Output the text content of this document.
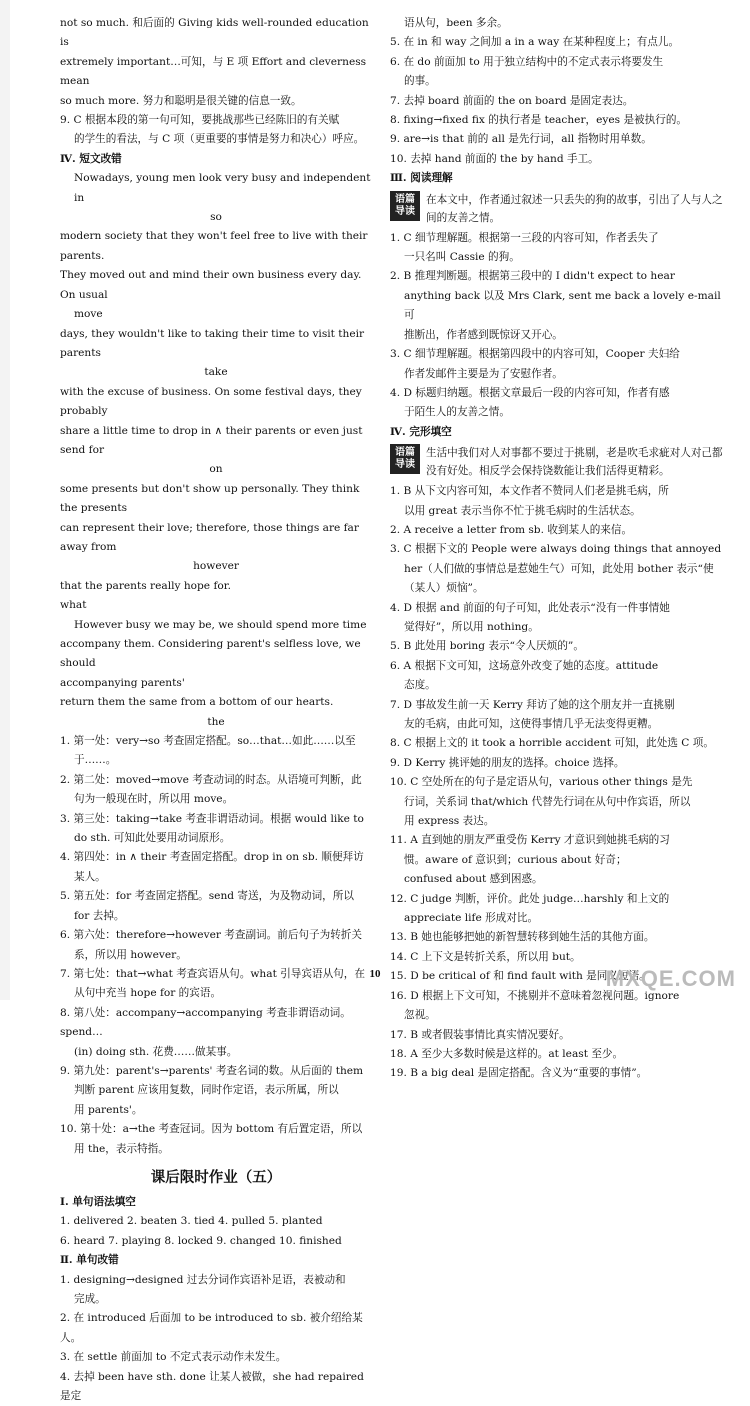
not so much. 和后面的 Giving kids well-rounded education is

extremely important…可知，与 E 项 Effort and cleverness mean

so much more. 努力和聪明是很关键的信息一致。

9. C 根据本段的第一句可知，要挑战那些已经陈旧的有关赋

的学生的看法，与 C 项（更重要的事情是努力和决心）呼应。

Ⅳ. 短文改错

Nowadays, young men look very busy and independent in

so

modern society that they won't feel free to live with their parents.

They moved out and mind their own business every day. On usual

move

days, they wouldn't like to taking their time to visit their parents

take

with the excuse of business. On some festival days, they probably

share a little time to drop in ∧ their parents or even just send for

on

some presents but don't show up personally. They think the presents

can represent their love; therefore, those things are far away from

however

that the parents really hope for.

what

However busy we may be, we should spend more time

accompany them. Considering parent's selfless love, we should

accompanying parents'

return them the same from a bottom of our hearts.

the

1. 第一处：very→so 考查固定搭配。so…that…如此……以至

于……。

2. 第二处：moved→move 考查动词的时态。从语境可判断，此

句为一般现在时，所以用 move。

3. 第三处：taking→take 考查非谓语动词。根据 would like to

do sth. 可知此处要用动词原形。

4. 第四处：in ∧ their 考查固定搭配。drop in on sb. 顺便拜访

某人。

5. 第五处：for 考查固定搭配。send 寄送，为及物动词，所以

for 去掉。

6. 第六处：therefore→however 考查副词。前后句子为转折关

系，所以用 however。

7. 第七处：that→what 考查宾语从句。what 引导宾语从句，在

从句中充当 hope for 的宾语。

8. 第八处：accompany→accompanying 考查非谓语动词。spend…

(in) doing sth. 花费……做某事。

9. 第九处：parent's→parents' 考查名词的数。从后面的 them

判断 parent 应该用复数，同时作定语，表示所属，所以

用 parents'。

10. 第十处：a→the 考查冠词。因为 bottom 有后置定语，所以

用 the，表示特指。

课后限时作业（五）

Ⅰ. 单句语法填空

1. delivered 2. beaten 3. tied 4. pulled 5. planted

6. heard 7. playing 8. locked 9. changed 10. finished

Ⅱ. 单句改错

1. designing→designed 过去分词作宾语补足语，表被动和

完成。

2. 在 introduced 后面加 to be introduced to sb. 被介绍给某人。

3. 在 settle 前面加 to 不定式表示动作未发生。

4. 去掉 been have sth. done 让某人被做，she had repaired 是定

语从句，been 多余。

5. 在 in 和 way 之间加 a in a way 在某种程度上；有点儿。

6. 在 do 前面加 to 用于独立结构中的不定式表示将要发生

的事。

7. 去掉 board 前面的 the on board 是固定表达。

8. fixing→fixed fix 的执行者是 teacher，eyes 是被执行的。

9. are→is that 前的 all 是先行词，all 指物时用单数。

10. 去掉 hand 前面的 the by hand 手工。

Ⅲ. 阅读理解

语篇导读
在本文中，作者通过叙述一只丢失的狗的故事，引出了人与人之间的友善之情。

1. C 细节理解题。根据第一三段的内容可知，作者丢失了

一只名叫 Cassie 的狗。

2. B 推理判断题。根据第三段中的 I didn't expect to hear

anything back 以及 Mrs Clark, sent me back a lovely e-mail 可

推断出，作者感到既惊讶又开心。

3. C 细节理解题。根据第四段中的内容可知，Cooper 夫妇给

作者发邮件主要是为了安慰作者。

4. D 标题归纳题。根据文章最后一段的内容可知，作者有感

于陌生人的友善之情。

Ⅳ. 完形填空

语篇导读
生活中我们对人对事都不要过于挑剔，老是吹毛求疵对人对己都没有好处。相反学会保持饶数能让我们活得更精彩。

1. B 从下文内容可知，本文作者不赞同人们老是挑毛病，所

以用 great 表示当你不忙于挑毛病时的生活状态。

2. A receive a letter from sb. 收到某人的来信。

3. C 根据下文的 People were always doing things that annoyed

her（人们做的事情总是惹她生气）可知，此处用 bother 表示“使

（某人）烦恼”。

4. D 根据 and 前面的句子可知，此处表示“没有一件事情她

觉得好”，所以用 nothing。

5. B 此处用 boring 表示“令人厌烦的”。

6. A 根据下文可知，这场意外改变了她的态度。attitude

态度。

7. D 事故发生前一天 Kerry 拜访了她的这个朋友并一直挑剔

友的毛病，由此可知，这使得事情几乎无法变得更糟。

8. C 根据上文的 it took a horrible accident 可知，此处选 C 项。

9. D Kerry 挑评她的朋友的选择。choice 选择。

10. C 空处所在的句子是定语从句，various other things 是先

行词，关系词 that/which 代替先行词在从句中作宾语，所以

用 express 表达。

11. A 直到她的朋友严重受伤 Kerry 才意识到她挑毛病的习

惯。aware of 意识到；curious about 好奇；

confused about 感到困惑。

12. C judge 判断，评价。此处 judge…harshly 和上文的

appreciate life 形成对比。

13. B 她也能够把她的新智慧转移到她生活的其他方面。

14. C 上下文是转折关系，所以用 but。

15. D be critical of 和 find fault with 是同义短语。

16. D 根据上下文可知，不挑剔并不意味着忽视问题。ignore

忽视。

17. B 或者假装事情比真实情况要好。

18. A 至少大多数时候是这样的。at least 至少。

19. B a big deal 是固定搭配。含义为“重要的事情”。

10	MXQE.COM
